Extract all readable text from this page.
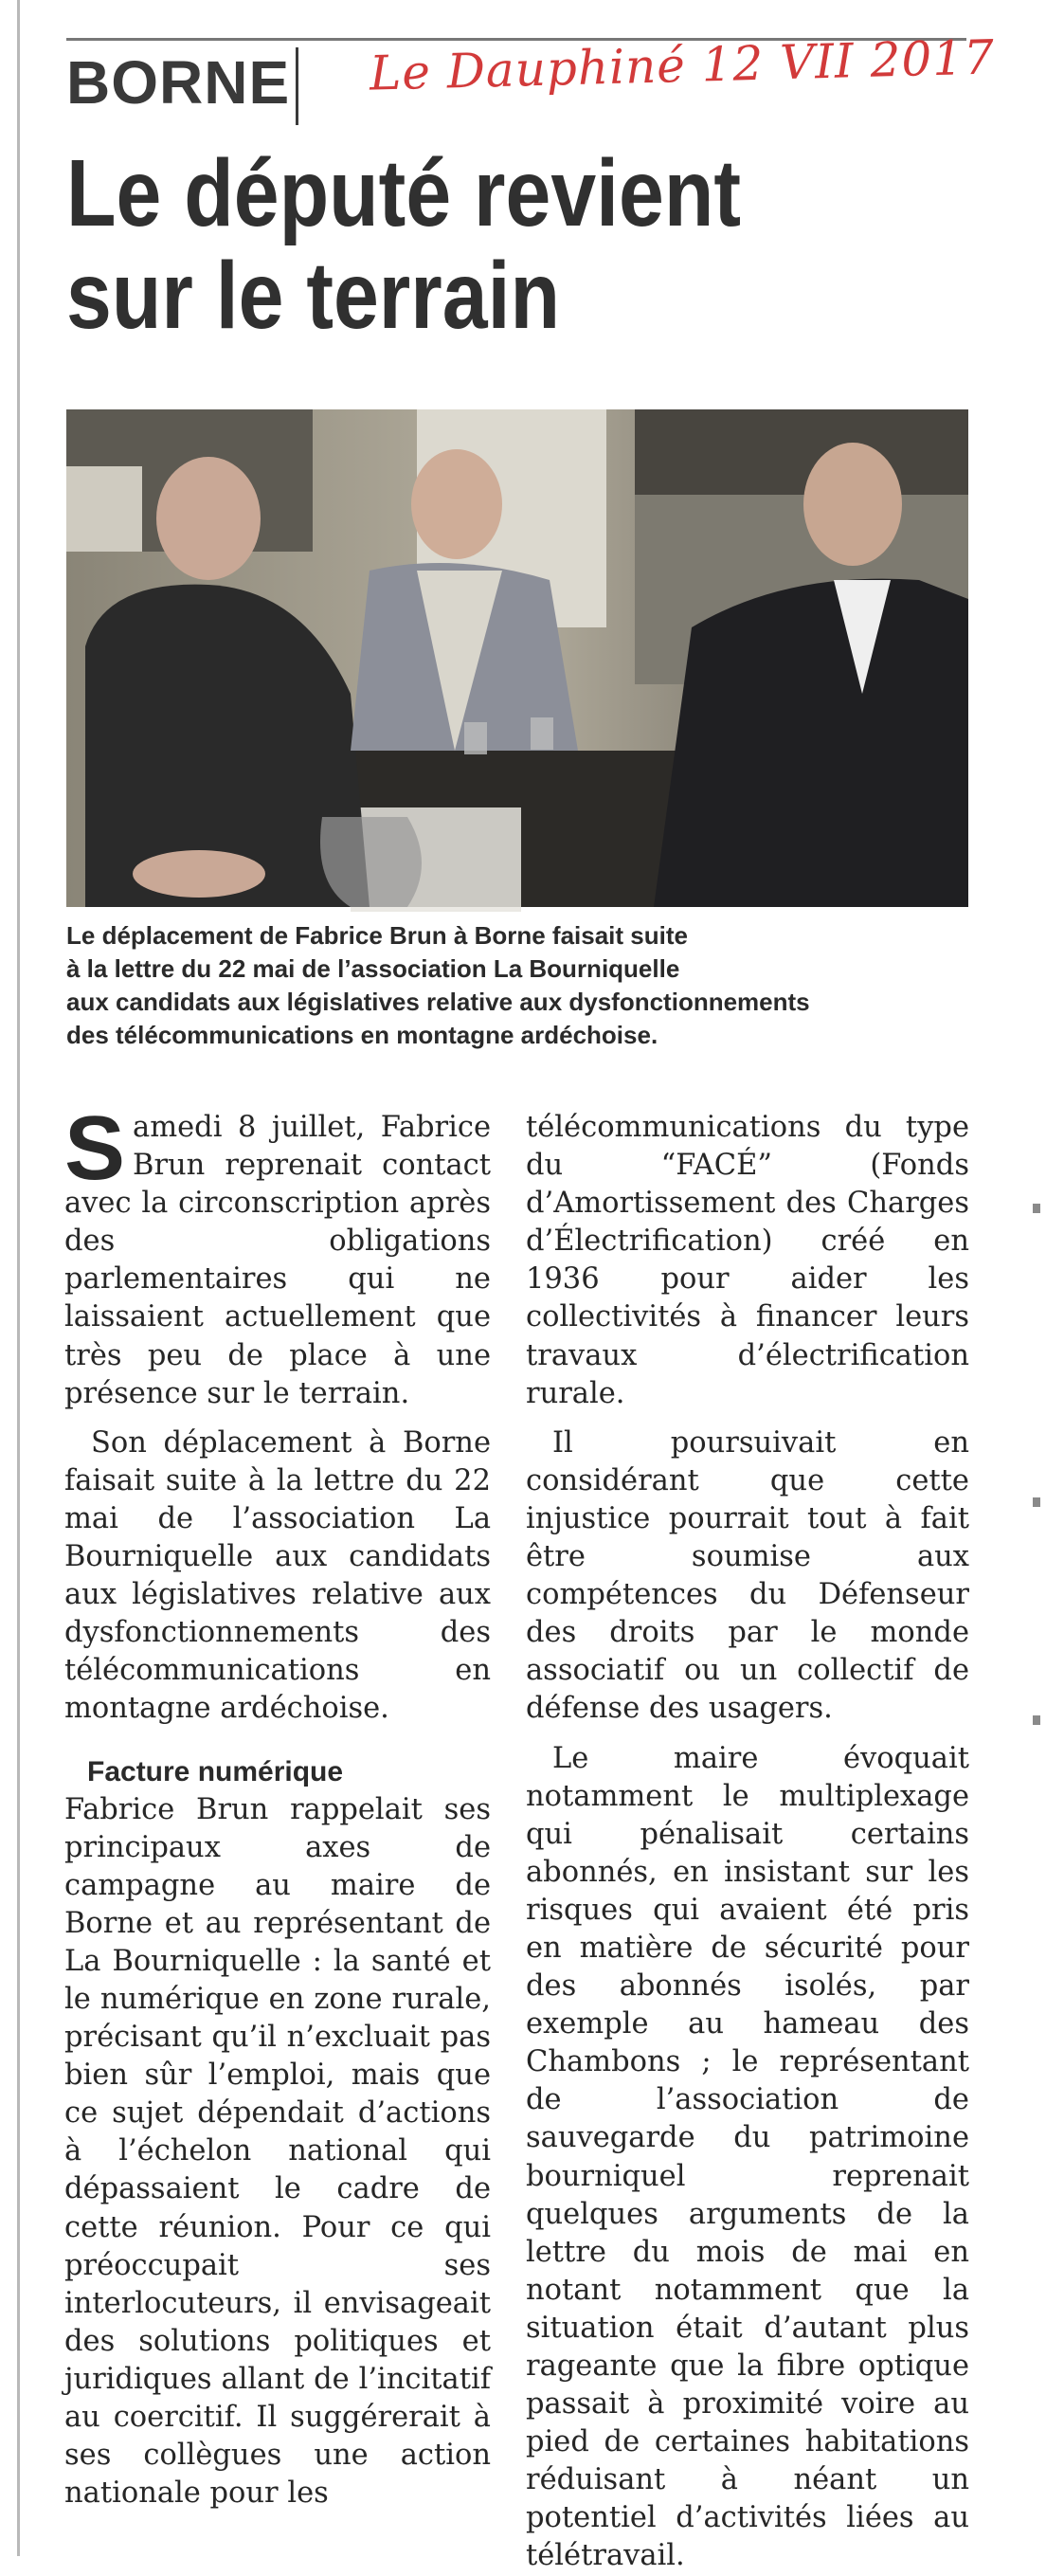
BORNE Le Dauphiné 12 VII 2017
Le député revient
sur le terrain
Le déplacement de Fabrice Brun à Borne faisait suite
à la lettre du 22 mai de l’association La Bourniquelle
aux candidats aux législatives relative aux dysfonctionnements
des télécommunications en montagne ardéchoise.

Samedi 8 juillet, Fabrice Brun reprenait contact avec la circonscription après des obligations parlementaires qui ne laissaient actuellement que très peu de place à une présence sur le terrain.

Son déplacement à Borne faisait suite à la lettre du 22 mai de l’association La Bourniquelle aux candidats aux législatives relative aux dysfonctionnements des télécommunications en montagne ardéchoise.

Facture numérique

Fabrice Brun rappelait ses principaux axes de campagne au maire de Borne et au représentant de La Bourniquelle : la santé et le numérique en zone rurale, précisant qu’il n’excluait pas bien sûr l’emploi, mais que ce sujet dépendait d’actions à l’échelon national qui dépassaient le cadre de cette réunion. Pour ce qui préoccupait ses interlocuteurs, il envisageait des solutions politiques et juridiques allant de l’incitatif au coercitif. Il suggérerait à ses collègues une action nationale pour les

télécommunications du type du “FACÉ” (Fonds d’Amortissement des Charges d’Électrification) créé en 1936 pour aider les collectivités à financer leurs travaux d’électrification rurale.

Il poursuivait en considérant que cette injustice pourrait tout à fait être soumise aux compétences du Défenseur des droits par le monde associatif ou un collectif de défense des usagers.

Le maire évoquait notamment le multiplexage qui pénalisait certains abonnés, en insistant sur les risques qui avaient été pris en matière de sécurité pour des abonnés isolés, par exemple au hameau des Chambons ; le représentant de l’association de sauvegarde du patrimoine bourniquel reprenait quelques arguments de la lettre du mois de mai en notant notamment que la situation était d’autant plus rageante que la fibre optique passait à proximité voire au pied de certaines habitations réduisant à néant un potentiel d’activités liées au télétravail.
